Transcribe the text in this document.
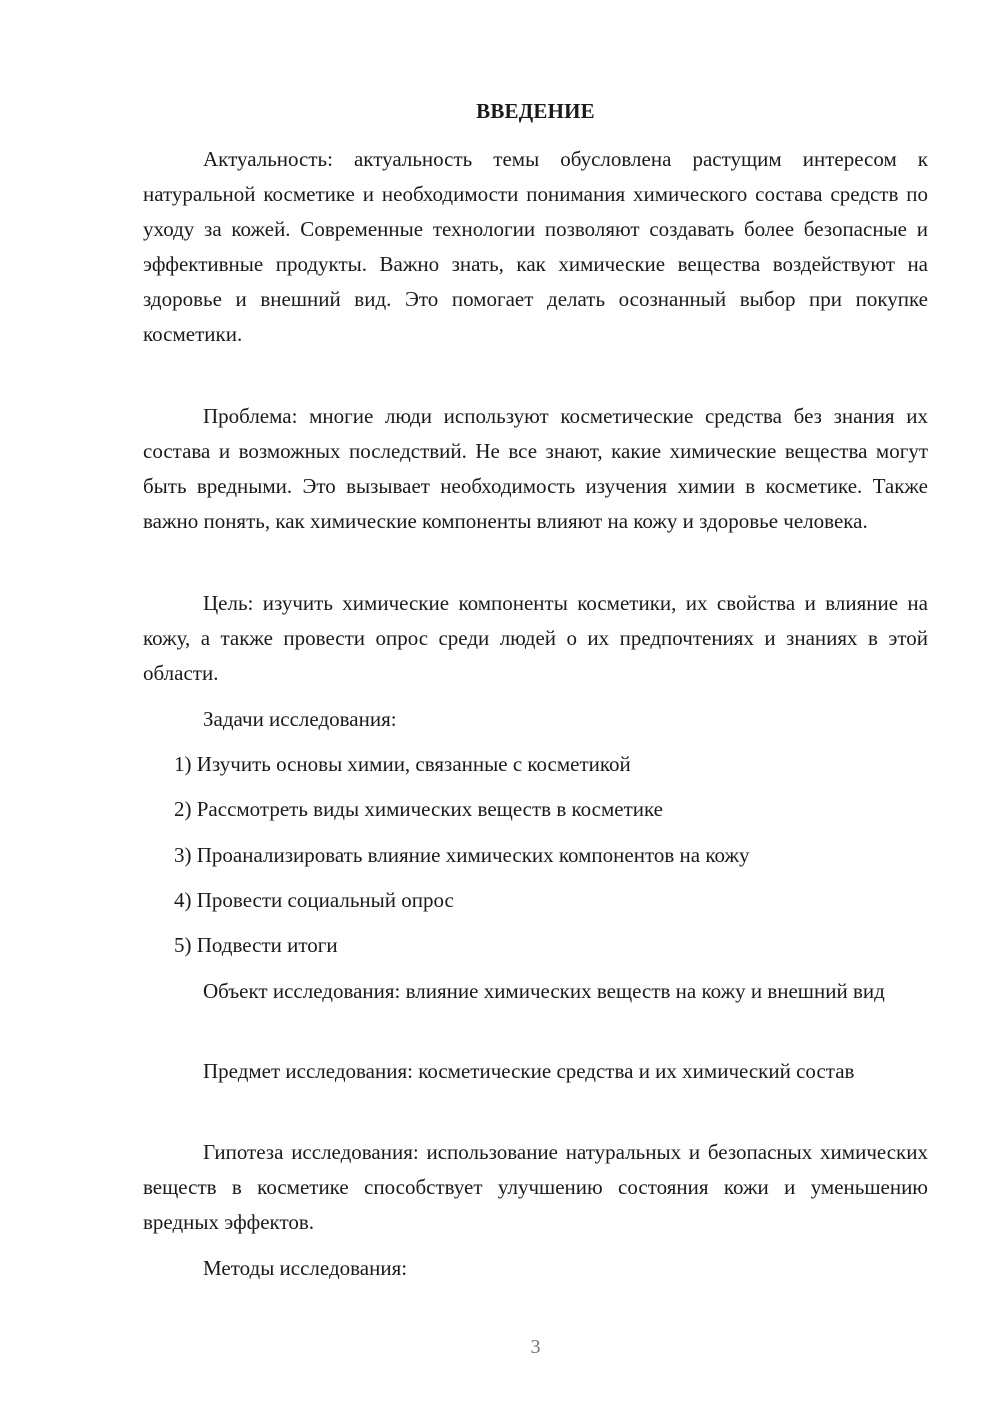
ВВЕДЕНИЕ

Актуальность: актуальность темы обусловлена растущим интересом к натуральной косметике и необходимости понимания химического состава средств по уходу за кожей. Современные технологии позволяют создавать более безопасные и эффективные продукты. Важно знать, как химические вещества воздействуют на здоровье и внешний вид. Это помогает делать осознанный выбор при покупке косметики.

Проблема: многие люди используют косметические средства без знания их состава и возможных последствий. Не все знают, какие химические вещества могут быть вредными. Это вызывает необходимость изучения химии в косметике. Также важно понять, как химические компоненты влияют на кожу и здоровье человека.

Цель: изучить химические компоненты косметики, их свойства и влияние на кожу, а также провести опрос среди людей о их предпочтениях и знаниях в этой области.

Задачи исследования:

1) Изучить основы химии, связанные с косметикой

2) Рассмотреть виды химических веществ в косметике

3) Проанализировать влияние химических компонентов на кожу

4) Провести социальный опрос

5) Подвести итоги

Объект исследования: влияние химических веществ на кожу и внешний вид

Предмет исследования: косметические средства и их химический состав

Гипотеза исследования: использование натуральных и безопасных химических веществ в косметике способствует улучшению состояния кожи и уменьшению вредных эффектов.

Методы исследования:

3
